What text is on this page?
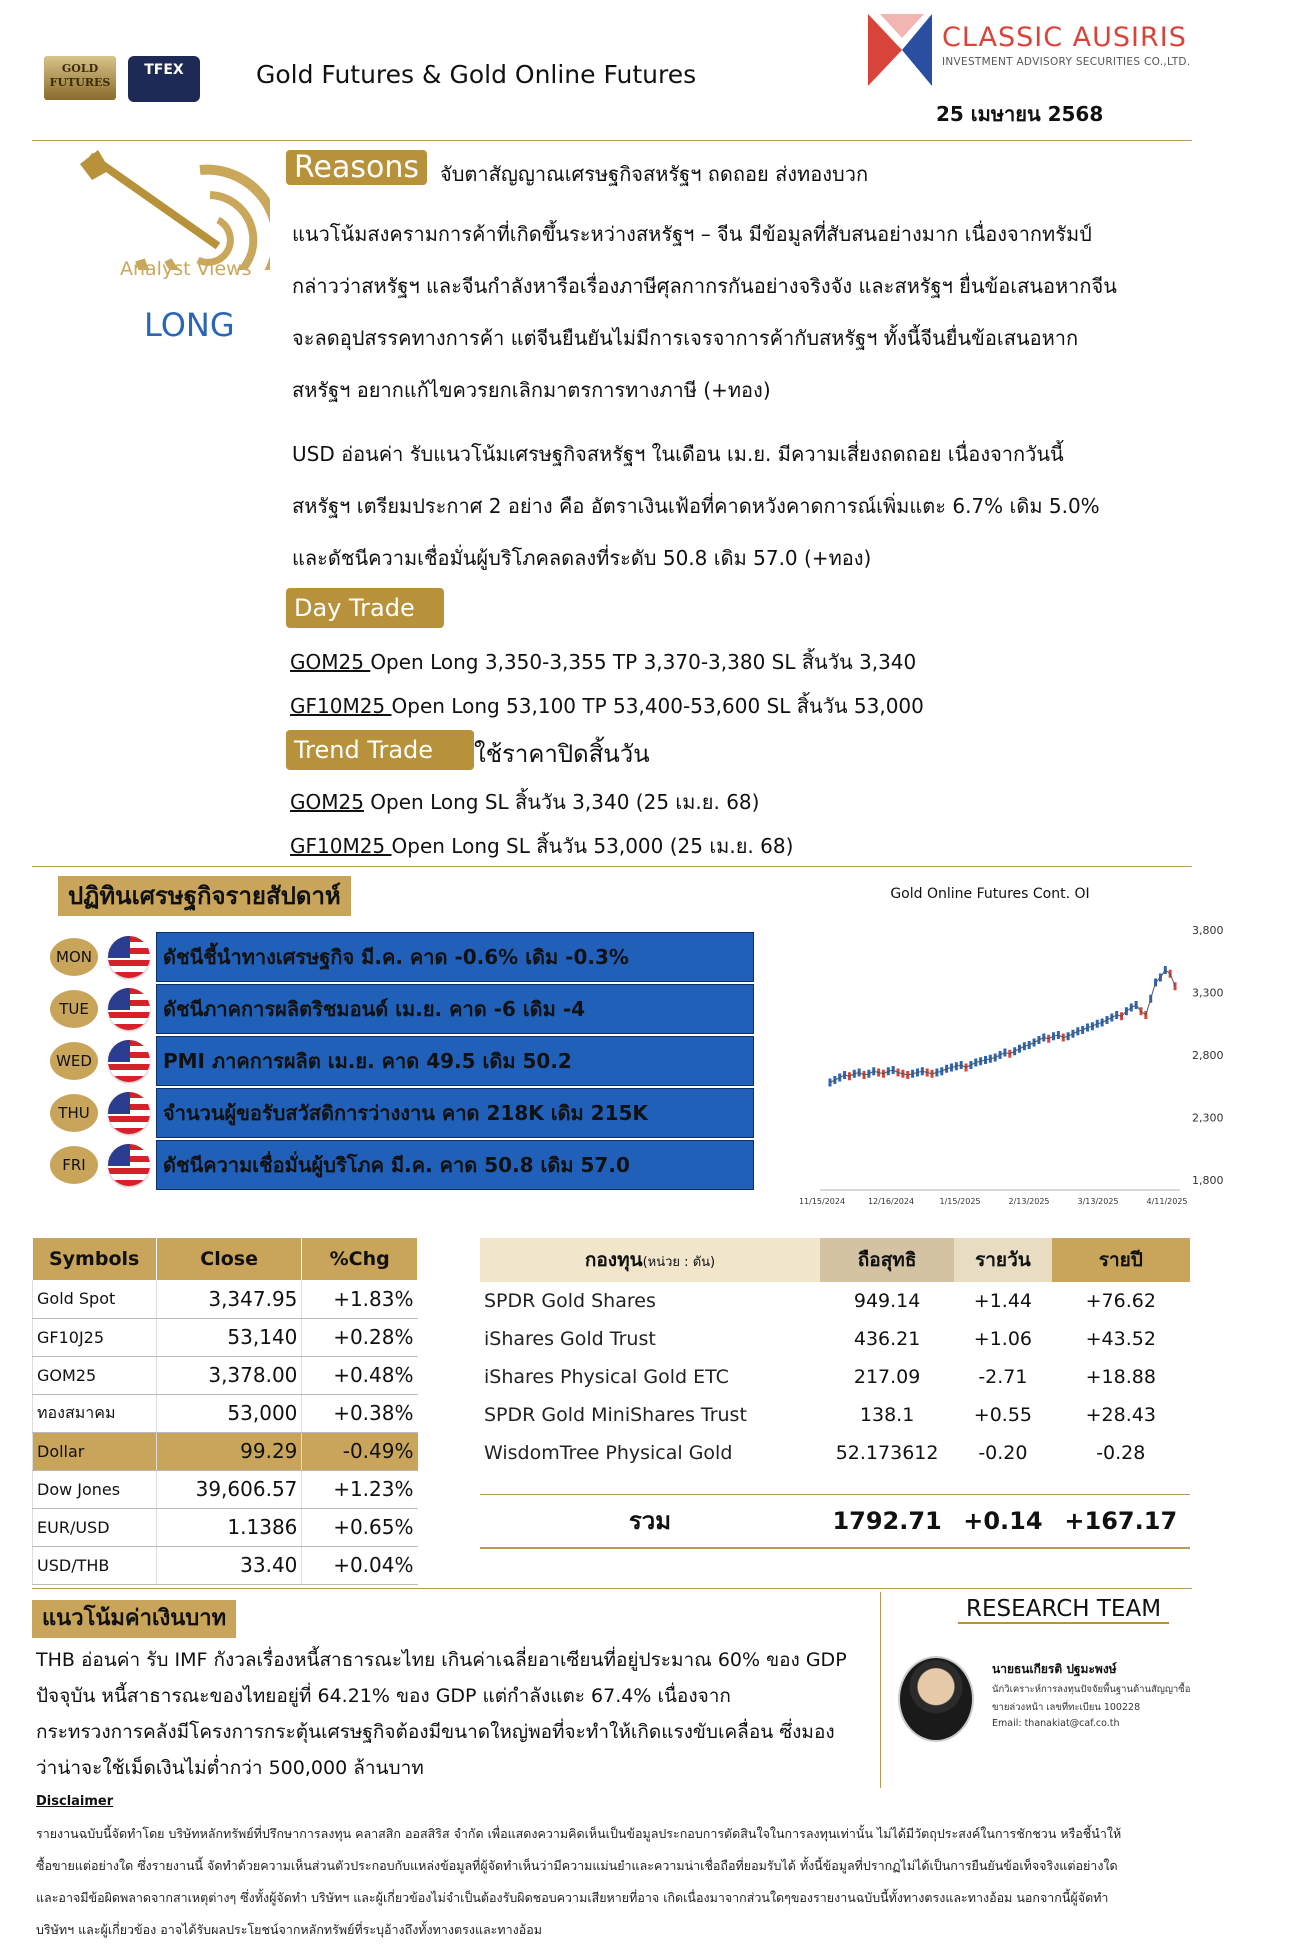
GOLD FUTURES
TFEX	Gold Futures & Gold Online Futures
CLASSIC AUSIRIS
INVESTMENT ADVISORY SECURITIES CO.,LTD.
25 เมษายน 2568
Analyst Views
LONG
Reasons	จับตาสัญญาณเศรษฐกิจสหรัฐฯ ถดถอย ส่งทองบวก
แนวโน้มสงครามการค้าที่เกิดขึ้นระหว่างสหรัฐฯ – จีน มีข้อมูลที่สับสนอย่างมาก เนื่องจากทรัมป์
กล่าวว่าสหรัฐฯ และจีนกำลังหารือเรื่องภาษีศุลกากรกันอย่างจริงจัง และสหรัฐฯ ยื่นข้อเสนอหากจีน
จะลดอุปสรรคทางการค้า แต่จีนยืนยันไม่มีการเจรจาการค้ากับสหรัฐฯ ทั้งนี้จีนยื่นข้อเสนอหาก
สหรัฐฯ อยากแก้ไขควรยกเลิกมาตรการทางภาษี (+ทอง)
USD อ่อนค่า รับแนวโน้มเศรษฐกิจสหรัฐฯ ในเดือน เม.ย. มีความเสี่ยงถดถอย เนื่องจากวันนี้
สหรัฐฯ เตรียมประกาศ 2 อย่าง คือ อัตราเงินเฟ้อที่คาดหวังคาดการณ์เพิ่มแตะ 6.7% เดิม 5.0%
และดัชนีความเชื่อมั่นผู้บริโภคลดลงที่ระดับ 50.8 เดิม 57.0 (+ทอง)
Day Trade
GOM25 Open Long 3,350-3,355 TP 3,370-3,380 SL สิ้นวัน 3,340
GF10M25 Open Long 53,100 TP 53,400-53,600 SL สิ้นวัน 53,000
Trend Trade	ใช้ราคาปิดสิ้นวัน
GOM25 Open Long SL สิ้นวัน 3,340 (25 เม.ย. 68)
GF10M25 Open Long SL สิ้นวัน 53,000 (25 เม.ย. 68)
ปฏิทินเศรษฐกิจรายสัปดาห์
MON	ดัชนีชี้นำทางเศรษฐกิจ มี.ค. คาด -0.6% เดิม -0.3%
TUE	ดัชนีภาคการผลิตริชมอนด์ เม.ย. คาด -6 เดิม -4
WED	PMI ภาคการผลิต เม.ย. คาด 49.5 เดิม 50.2
THU	จำนวนผู้ขอรับสวัสดิการว่างงาน คาด 218K เดิม 215K
FRI	ดัชนีความเชื่อมั่นผู้บริโภค มี.ค. คาด 50.8 เดิม 57.0
Gold Online Futures Cont. OI
3,800
3,300
2,800
2,300
1,800
11/15/2024	12/16/2024	1/15/2025	2/13/2025	3/13/2025	4/11/2025
Symbols	Close	%Chg
Gold Spot	3,347.95	+1.83%
GF10J25	53,140	+0.28%
GOM25	3,378.00	+0.48%
ทองสมาคม	53,000	+0.38%
Dollar	99.29	-0.49%
Dow Jones	39,606.57	+1.23%
EUR/USD	1.1386	+0.65%
USD/THB	33.40	+0.04%
กองทุน(หน่วย : ตัน)	ถือสุทธิ	รายวัน	รายปี
SPDR Gold Shares	949.14	+1.44	+76.62
iShares Gold Trust	436.21	+1.06	+43.52
iShares Physical Gold ETC	217.09	-2.71	+18.88
SPDR Gold MiniShares Trust	138.1	+0.55	+28.43
WisdomTree Physical Gold	52.173612	-0.20	-0.28

รวม	1792.71	+0.14	+167.17
แนวโน้มค่าเงินบาท
THB อ่อนค่า รับ IMF กังวลเรื่องหนี้สาธารณะไทย เกินค่าเฉลี่ยอาเซียนที่อยู่ประมาณ 60% ของ GDP
ปัจจุบัน หนี้สาธารณะของไทยอยู่ที่ 64.21% ของ GDP แต่กำลังแตะ 67.4% เนื่องจาก
กระทรวงการคลังมีโครงการกระตุ้นเศรษฐกิจต้องมีขนาดใหญ่พอที่จะทำให้เกิดแรงขับเคลื่อน ซึ่งมอง
ว่าน่าจะใช้เม็ดเงินไม่ต่ำกว่า 500,000 ล้านบาท
RESEARCH TEAM
นายธนเกียรติ ปฐมะพงษ์
นักวิเคราะห์การลงทุนปัจจัยพื้นฐานด้านสัญญาซื้อ
ขายล่วงหน้า เลขที่ทะเบียน 100228
Email: thanakiat@caf.co.th
Disclaimer
รายงานฉบับนี้จัดทำโดย บริษัทหลักทรัพย์ที่ปรึกษาการลงทุน คลาสสิก ออสสิริส จำกัด เพื่อแสดงความคิดเห็นเป็นข้อมูลประกอบการตัดสินใจในการลงทุนเท่านั้น ไม่ได้มีวัตถุประสงค์ในการชักชวน หรือชี้นำให้
ซื้อขายแต่อย่างใด ซึ่งรายงานนี้ จัดทำด้วยความเห็นส่วนตัวประกอบกับแหล่งข้อมูลที่ผู้จัดทำเห็นว่ามีความแม่นยำและความน่าเชื่อถือที่ยอมรับได้ ทั้งนี้ข้อมูลที่ปรากฏไม่ได้เป็นการยืนยันข้อเท็จจริงแต่อย่างใด
และอาจมีข้อผิดพลาดจากสาเหตุต่างๆ ซึ่งทั้งผู้จัดทำ บริษัทฯ และผู้เกี่ยวข้องไม่จำเป็นต้องรับผิดชอบความเสียหายที่อาจ เกิดเนื่องมาจากส่วนใดๆของรายงานฉบับนี้ทั้งทางตรงและทางอ้อม นอกจากนี้ผู้จัดทำ
บริษัทฯ และผู้เกี่ยวข้อง อาจได้รับผลประโยชน์จากหลักทรัพย์ที่ระบุอ้างถึงทั้งทางตรงและทางอ้อม
